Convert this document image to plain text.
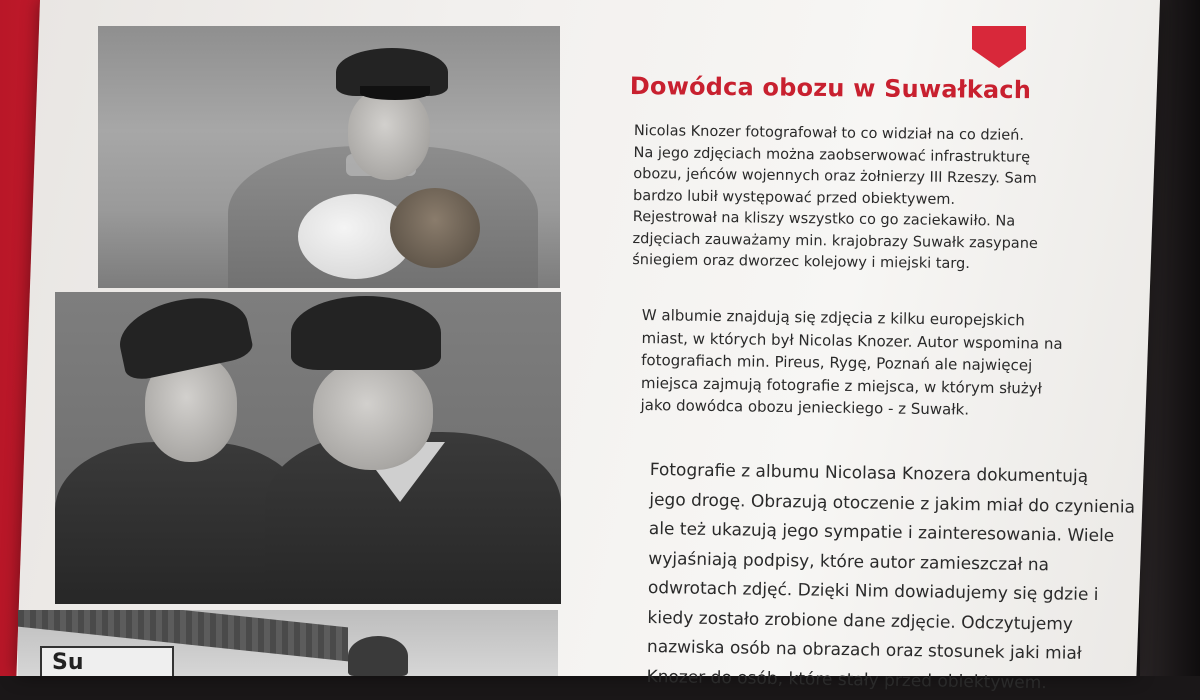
Su
Dowódca obozu w Suwałkach
Nicolas Knozer fotografował to co widział na co dzień.
Na jego zdjęciach można zaobserwować infrastrukturę
obozu, jeńców wojennych oraz żołnierzy III Rzeszy. Sam
bardzo lubił występować przed obiektywem.
Rejestrował na kliszy wszystko co go zaciekawiło. Na
zdjęciach zauważamy min. krajobrazy Suwałk zasypane
śniegiem oraz dworzec kolejowy i miejski targ.
W albumie znajdują się zdjęcia z kilku europejskich
miast, w których był Nicolas Knozer. Autor wspomina na
fotografiach min. Pireus, Rygę, Poznań ale najwięcej
miejsca zajmują fotografie z miejsca, w którym służył
jako dowódca obozu jenieckiego - z Suwałk.
Fotografie z albumu Nicolasa Knozera dokumentują
jego drogę. Obrazują otoczenie z jakim miał do czynienia
ale też ukazują jego sympatie i zainteresowania. Wiele
wyjaśniają podpisy, które autor zamieszczał na
odwrotach zdjęć. Dzięki Nim dowiadujemy się gdzie i
kiedy zostało zrobione dane zdjęcie. Odczytujemy
nazwiska osób na obrazach oraz stosunek jaki miał
Knozer do osób, które stały przed obiektywem.
